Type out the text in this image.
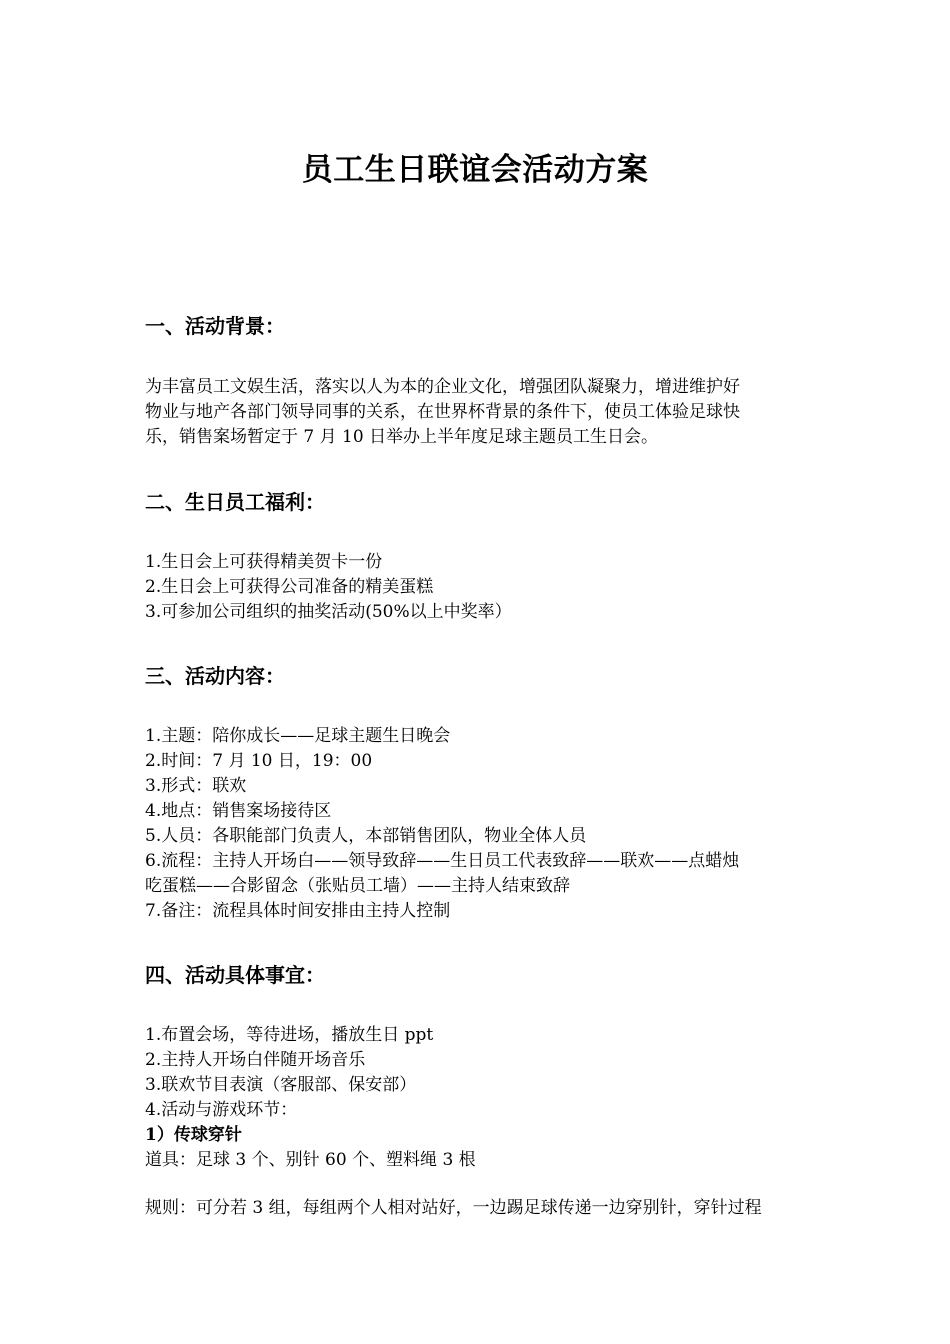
员工生日联谊会活动方案
一、活动背景：
为丰富员工文娱生活，落实以人为本的企业文化，增强团队凝聚力，增进维护好
物业与地产各部门领导同事的关系，在世界杯背景的条件下，使员工体验足球快
乐，销售案场暂定于 7 月 10 日举办上半年度足球主题员工生日会。
二、生日员工福利：
1.生日会上可获得精美贺卡一份
2.生日会上可获得公司准备的精美蛋糕
3.可参加公司组织的抽奖活动(50%以上中奖率）
三、活动内容：
1.主题：陪你成长——足球主题生日晚会
2.时间：7 月 10 日，19：00
3.形式：联欢
4.地点：销售案场接待区
5.人员：各职能部门负责人，本部销售团队，物业全体人员
6.流程：主持人开场白——领导致辞——生日员工代表致辞——联欢——点蜡烛
吃蛋糕——合影留念（张贴员工墙）——主持人结束致辞
7.备注：流程具体时间安排由主持人控制
四、活动具体事宜：
1.布置会场，等待进场，播放生日 ppt
2.主持人开场白伴随开场音乐
3.联欢节目表演（客服部、保安部）
4.活动与游戏环节：
1）传球穿针
道具：足球 3 个、别针 60 个、塑料绳 3 根
规则：可分若 3 组，每组两个人相对站好，一边踢足球传递一边穿别针，穿针过程
